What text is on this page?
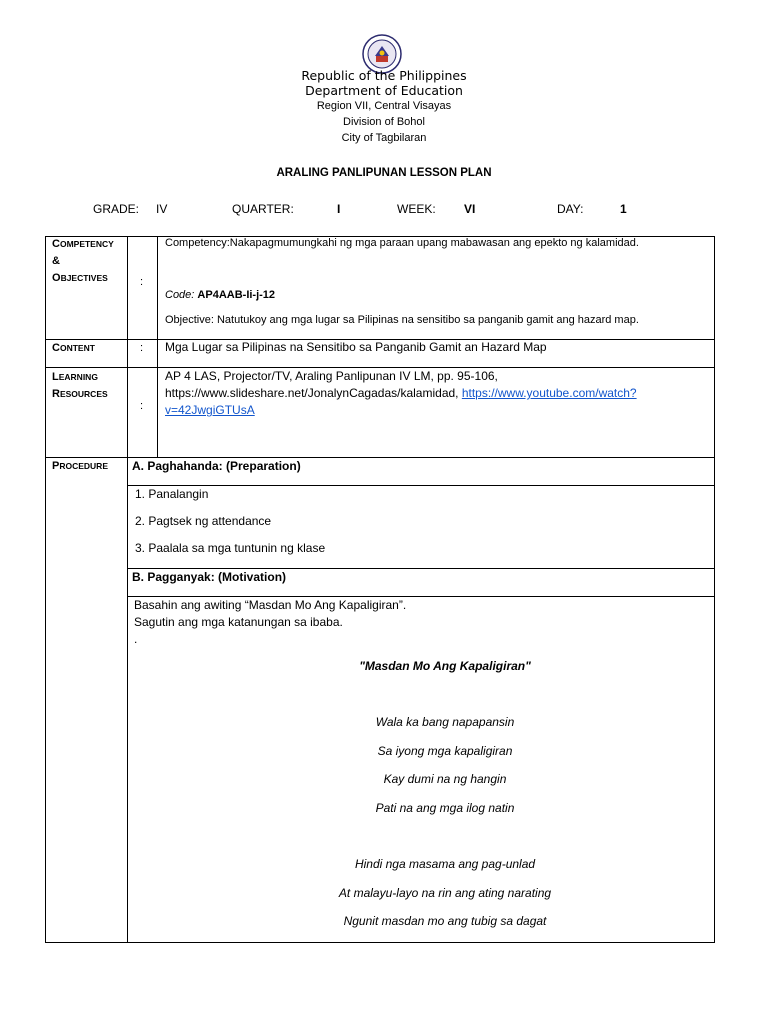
Republic of the Philippines
Department of Education
Region VII, Central Visayas
Division of Bohol
City of Tagbilaran
ARALING PANLIPUNAN LESSON PLAN
GRADE: IV	QUARTER:	I	WEEK: VI	DAY:	1
COMPETENCY
&
OBJECTIVES	:
Competency:Nakapagmumungkahi ng mga paraan upang mabawasan ang epekto ng kalamidad.
Code: AP4AAB-Ii-j-12
Objective: Natutukoy ang mga lugar sa Pilipinas na sensitibo sa panganib gamit ang hazard map.
CONTENT	: Mga Lugar sa Pilipinas na Sensitibo sa Panganib Gamit an Hazard Map
LEARNING
RESOURCES
:
AP 4 LAS, Projector/TV, Araling Panlipunan IV LM, pp. 95-106,
https://www.slideshare.net/JonalynCagadas/kalamidad, https://www.youtube.com/watch?
v=42JwgiGTUsA
PROCEDURE A. Paghahanda: (Preparation)
1. Panalangin
2. Pagtsek ng attendance
3. Paalala sa mga tuntunin ng klase
B. Pagganyak: (Motivation)
Basahin ang awiting “Masdan Mo Ang Kapaligiran”.
Sagutin ang mga katanungan sa ibaba.
.
"Masdan Mo Ang Kapaligiran"
Wala ka bang napapansin
Sa iyong mga kapaligiran
Kay dumi na ng hangin
Pati na ang mga ilog natin
Hindi nga masama ang pag-unlad
At malayu-layo na rin ang ating narating
Ngunit masdan mo ang tubig sa dagat
